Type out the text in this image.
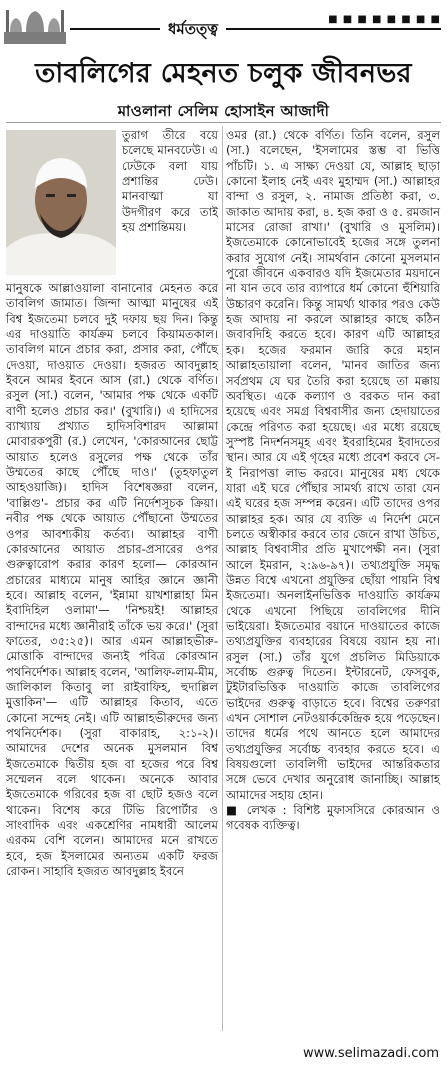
ধর্মতত্ত্ব
■ ■ ■ ■ ■ ■ ■ ■
তাবলিগের মেহনত চলুক জীবনভর
মাওলানা সেলিম হোসাইন আজাদী

তুরাগ তীরে বয়ে চলেছে মানবঢেউ। এ ঢেউকে বলা যায় প্রশান্তির ঢেউ। মানবাত্মা যা উদগীরণ করে তাই হয় প্রশান্তিময়।

মানুষকে আল্লাওয়ালা বানানোর মেহনত করে তাবলিগ জামাত। জিন্দা আত্মা মানুষের এই বিশ্ব ইজতেমা চলবে দুই দফায় ছয় দিন। কিন্তু এর দাওয়াতি কার্যক্রম চলবে কিয়ামতকাল। তাবলিগ মানে প্রচার করা, প্রসার করা, পৌঁছে দেওয়া, দাওয়াত দেওয়া। হজরত আবদুল্লাহ ইবনে আমর ইবনে আস (রা.) থেকে বর্ণিত। রসুল (সা.) বলেন, 'আমার পক্ষ থেকে একটি বাণী হলেও প্রচার কর।' (বুখারি।) এ হাদিসের ব্যাখ্যায় প্রখ্যাত হাদিসবিশারদ আল্লামা মোবারকপুরী (র.) লেখেন, 'কোরআনের ছোট্ট আয়াত হলেও রসুলের পক্ষ থেকে তাঁর উম্মতের কাছে পৌঁছে দাও।' (তুহফাতুল আহওয়াজি)। হাদিস বিশেষজ্ঞরা বলেন, 'বাল্লিগু'- প্রচার কর এটি নির্দেশসূচক ক্রিয়া। নবীর পক্ষ থেকে আয়াত পৌঁছানো উম্মতের ওপর আবশ্যকীয় কর্তব্য। আল্লাহর বাণী কোরআনের আয়াত প্রচার-প্রসারের ওপর গুরুত্বারোপ করার কারণ হলো— কোরআন প্রচারের মাধ্যমে মানুষ আহির জ্ঞানে জ্ঞানী হবে। আল্লাহ বলেন, 'ইন্নামা য়াখশাল্লাহা মিন ইবাদিহিল ওলামা'— 'নিশ্চয়ই! আল্লাহর বান্দাদের মধ্যে জ্ঞানীরাই তাঁকে ভয় করে।' (সুরা ফাতের, ৩৫:২৫)। আর এমন আল্লাহভীরু-মোত্তাকি বান্দাদের জন্যই পবিত্র কোরআন পথনির্দেশক। আল্লাহ বলেন, 'আলিফ-লাম-মীম, জালিকাল কিতাবু লা রাইবাফিহ, হুদাল্লিল মুত্তাকিন'— এটি আল্লাহর কিতাব, এতে কোনো সন্দেহ নেই। এটি আল্লাহভীরুদের জন্য পথনির্দেশক। (সুরা বাকারাহ, ২:১-২)। আমাদের দেশের অনেক মুসলমান বিশ্ব ইজতেমাকে দ্বিতীয় হজ বা হজের পরে বিশ্ব সম্মেলন বলে থাকেন। অনেকে আবার ইজতেমাকে গরিবের হজ বা ছোট হজও বলে থাকেন। বিশেষ করে টিভি রিপোর্টার ও সাংবাদিক এবং একশ্রেণির নামধারী আলেম এরকম বেশি বলেন। আমাদের মনে রাখতে হবে, হজ ইসলামের অন্যতম একটি ফরজ রোকন। সাহাবি হজরত আবদুল্লাহ ইবনে

ওমর (রা.) থেকে বর্ণিত। তিনি বলেন, রসুল (সা.) বলেছেন, 'ইসলামের স্তম্ভ বা ভিত্তি পাঁচটি। ১. এ সাক্ষ্য দেওয়া যে, আল্লাহ ছাড়া কোনো ইলাহ নেই এবং মুহাম্মদ (সা.) আল্লাহর বান্দা ও রসুল, ২. নামাজ প্রতিষ্ঠা করা, ৩. জাকাত আদায় করা, ৪. হজ করা ও ৫. রমজান মাসের রোজা রাখা।' (বুখারি ও মুসলিম)। ইজতেমাকে কোনোভাবেই হজের সঙ্গে তুলনা করার সুযোগ নেই। সামর্থবান কোনো মুসলমান পুরো জীবনে একবারও যদি ইজমেতার ময়দানে না যান তবে তার ব্যাপারে ধর্ম কোনো হুঁশিয়ারি উচ্চারণ করেনি। কিন্তু সামর্থ্য থাকার পরও কেউ হজ আদায় না করলে আল্লাহর কাছে কঠিন জবাবদিহি করতে হবে। কারণ এটি আল্লাহর হক। হজের ফরমান জারি করে মহান আল্লাহতায়ালা বলেন, 'মানব জাতির জন্য সর্বপ্রথম যে ঘর তৈরি করা হয়েছে তা মক্কায় অবস্থিত। একে কল্যাণ ও বরকত দান করা হয়েছে এবং সমগ্র বিশ্ববাসীর জন্য হেদায়াতের কেন্দ্রে পরিণত করা হয়েছে। এর মধ্যে রয়েছে সুস্পষ্ট নিদর্শনসমূহ এবং ইবরাহিমের ইবাদতের স্থান। আর যে এই গৃহের মধ্যে প্রবেশ করবে সে-ই নিরাপত্তা লাভ করবে। মানুষের মধ্য থেকে যারা এই ঘরে পৌঁছার সামর্থ্য রাখে তারা যেন এই ঘরের হজ সম্পন্ন করেন। এটি তাদের ওপর আল্লাহর হক। আর যে ব্যক্তি এ নির্দেশ মেনে চলতে অস্বীকার করবে তার জেনে রাখা উচিত, আল্লাহ বিশ্ববাসীর প্রতি মুখাপেক্ষী নন। (সুরা আলে ইমরান, ২:৯৬-৯৭)। তথ্যপ্রযুক্তি সমৃদ্ধ উন্নত বিশ্বে এখনো প্রযুক্তির ছোঁয়া পায়নি বিশ্ব ইজতেমা। অনলাইনভিত্তিক দাওয়াতি কার্যক্রম থেকে এখনো পিছিয়ে তাবলিগের দীনি ভাইয়েরা। ইজতেমার বয়ানে দাওয়াতের কাজে তথ্যপ্রযুক্তির ব্যবহারের বিষয়ে বয়ান হয় না। রসুল (সা.) তাঁর যুগে প্রচলিত মিডিয়াকে সর্বোচ্চ গুরুত্ব দিতেন। ইন্টারনেট, ফেসবুক, টুইটারভিত্তিক দাওয়াতি কাজে তাবলিগের ভাইদের গুরুত্ব বাড়াতে হবে। বিশ্বের তরুণরা এখন সোশাল নেটওয়ার্ককেন্দ্রিক হয়ে পড়েছেন। তাদের ধর্মের পথে আনতে হলে আমাদের তথ্যপ্রযুক্তির সর্বোচ্চ ব্যবহার করতে হবে। এ বিষয়গুলো তাবলিগী ভাইদের আন্তরিকতার সঙ্গে ভেবে দেখার অনুরোধ জানাচ্ছি। আল্লাহ আমাদের সহায় হোন।

■ লেখক : বিশিষ্ট মুফাসসিরে কোরআন ও গবেষক ব্যক্তিত্ব।

www.selimazadi.com
